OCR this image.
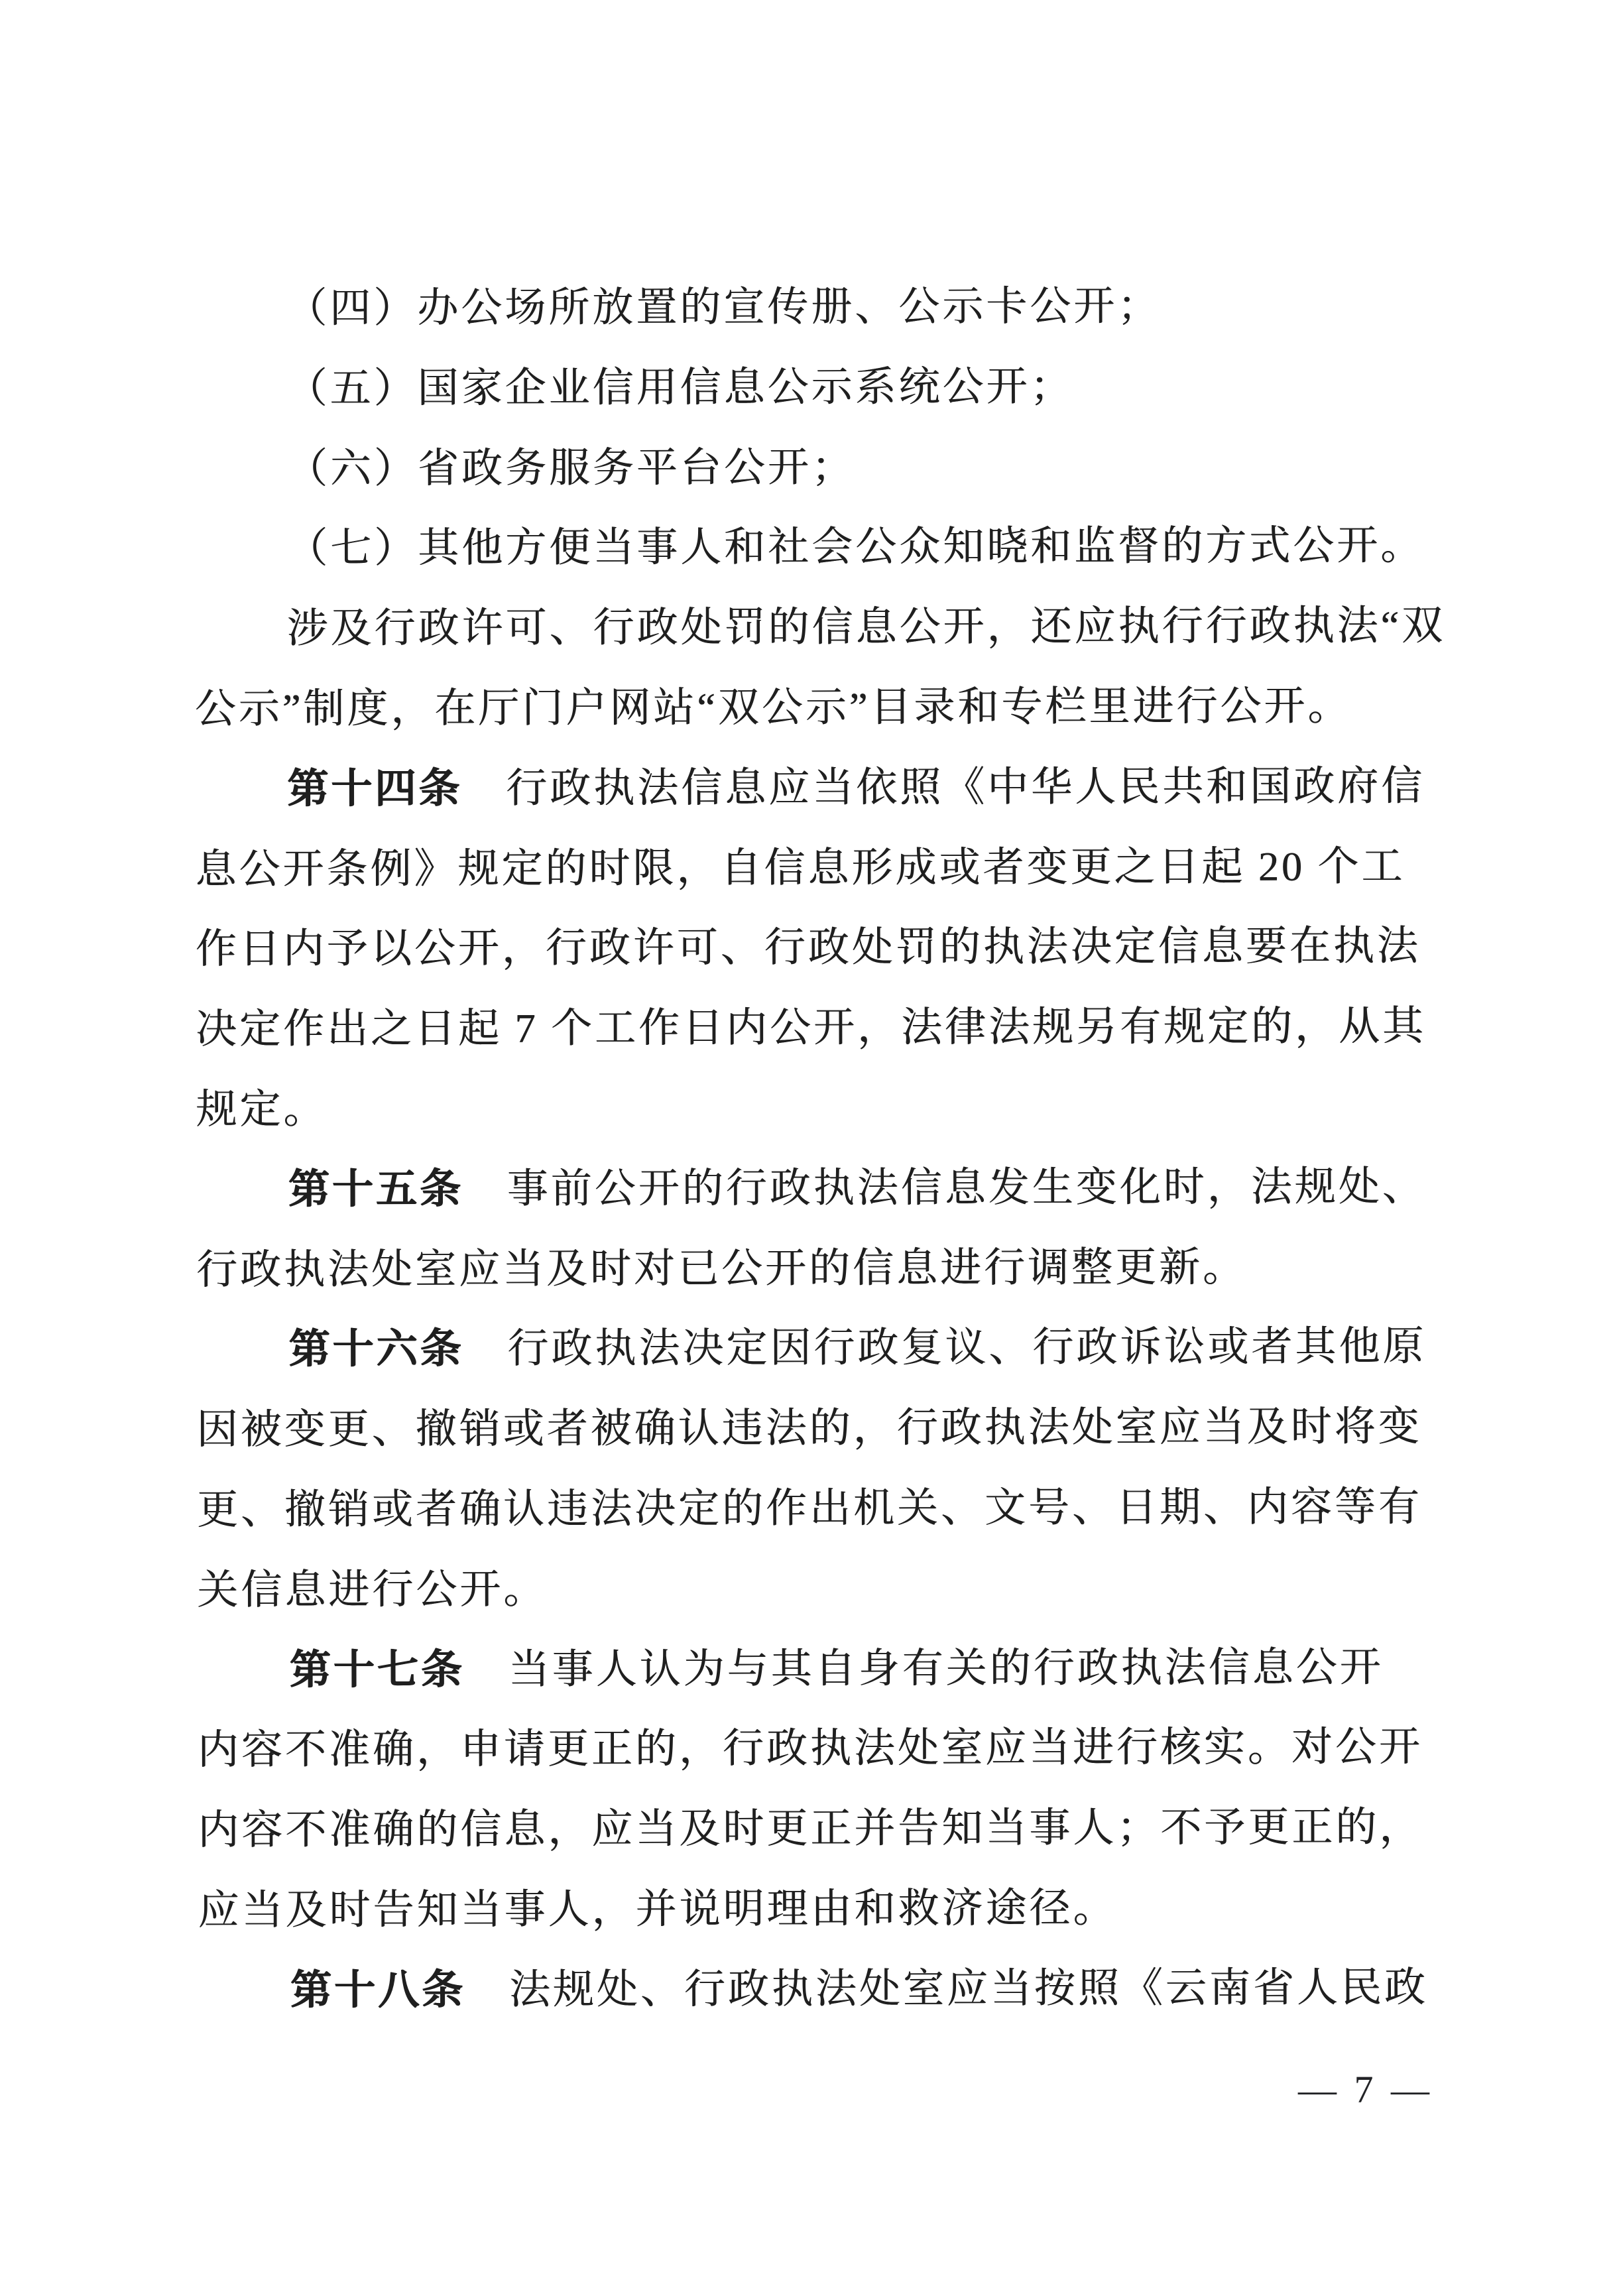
（四）办公场所放置的宣传册、公示卡公开；
（五）国家企业信用信息公示系统公开；
（六）省政务服务平台公开；
（七）其他方便当事人和社会公众知晓和监督的方式公开。
涉及行政许可、行政处罚的信息公开，还应执行行政执法“双
公示”制度，在厅门户网站“双公示”目录和专栏里进行公开。
第十四条　行政执法信息应当依照《中华人民共和国政府信
息公开条例》规定的时限，自信息形成或者变更之日起 20 个工
作日内予以公开，行政许可、行政处罚的执法决定信息要在执法
决定作出之日起 7 个工作日内公开，法律法规另有规定的，从其
规定。
第十五条　事前公开的行政执法信息发生变化时，法规处、
行政执法处室应当及时对已公开的信息进行调整更新。
第十六条　行政执法决定因行政复议、行政诉讼或者其他原
因被变更、撤销或者被确认违法的，行政执法处室应当及时将变
更、撤销或者确认违法决定的作出机关、文号、日期、内容等有
关信息进行公开。
第十七条　当事人认为与其自身有关的行政执法信息公开
内容不准确，申请更正的，行政执法处室应当进行核实。对公开
内容不准确的信息，应当及时更正并告知当事人；不予更正的，
应当及时告知当事人，并说明理由和救济途径。
第十八条　法规处、行政执法处室应当按照《云南省人民政
— 7 —
